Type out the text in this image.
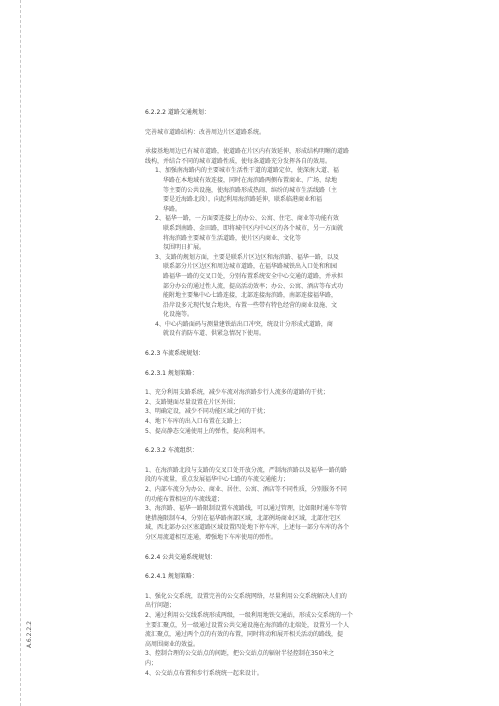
A.6.2.2.2
6.2.2.2 道路交通规划：
完善城市道路结构：改善周边片区道路系统。
承接基地周边已有城市道路，使道路在片区内有效延伸，形成结构明晰的道路
线构，并结合不同的城市道路性质，使每条道路充分发挥各自的效用。
1、加强南海路内的主要城市生活性干道的道路定位，使深南大道、福
华路在本地域有效连接，同时在海滨路两侧布置商业、广场、绿地
等主要的公共设施，使海滨路形成热闹、缤纷的城市生活线路（主
要是近海路北段），向起利用海滨路延伸，联系临港商业和福
华路。
2、福华一路，一方面要连接上的办公、公寓、住宅、商业等功能有效
联系到南路、金田路，即将城中区内中心区的各个城市，另一方面就
将海滨路主要城市生活道路，使片区内商业、文化等
氛围明日扩展。
3、支路的规划方面，主要是联系片区边区和海滨路、福华一路，以及
联系部分片区边区和周边城市道路，在福华路城铁出入口处和和园
路福华一路的交叉口处，分别布置系统安全中心交通的道路，并承担
部分办公的通过性人流，提高活动效率；办公、公寓、酒店等布式功
能附地主要集中心七路连接，北部连接海滨路，南部连接福华路，
沿岸设多元现代复合地块，布置一些带有特色经营的商业设施、文
化设施等。
4、中心内路面码与测量建铁站出口冲突，统设计分形成式道路，商
就设有消防车道、供紧急情况下使用。
6.2.3 车流系统规划：
6.2.3.1 规划策略：
1、充分利用支路系统，减少车流对海滨路步行人流多的道路的干扰；
2、支路键面尽量设置在片区外围；
3、明确定设，减少不同功能区域之间的干扰；
4、地下车库的出入口布置在支路上；
5、提高静态交通使用上的弹性，提高利用率。
6.2.3.2 车流组织：
1、在海滨路北段与支路的交叉口处开放分流，严制海滨路以及福华一路的路
段的车流量，重点发展福华中心七路的车流交通能力；
2、内部车流分为办公、商业、居住、公寓、酒店等不同性质，分别服务不同
的功能布置相应的车流线道；
3、海滨路、福华一路限制设置车流路线，可以通过管理，比如限时通车等管
建措施限制车4，分别在福华路南部区域，北部例场商业区域，北部住宅区
域，西北部办公区塞道路区域设置四处地下停车库，上述每一部分车库的各个
分区用流道相互连通，增强地下车库使用的弹性。
6.2.4 公共交通系统规划：
6.2.4.1 规划策略：
1、强化公交系统，设置完善的公交系统网络，尽量利用公交系统解决人们的
出行问题；
2、通过利用公交线系统形成两级，一级利用地铁交通站，形成公交系统的一个
主要汇聚点，另一级通过设置公共交通设施在海滨路的北端处，设置另一个人
流汇聚点，通过两个点的有效的布置，同时将动和展开相关活动的路线，提
高周围商业的效益。
3、控制合理的公交站点的间距，把公交站点的辐射半径控制在350米之
内；
4、公交站点布置和步行系统统一起来设计。
